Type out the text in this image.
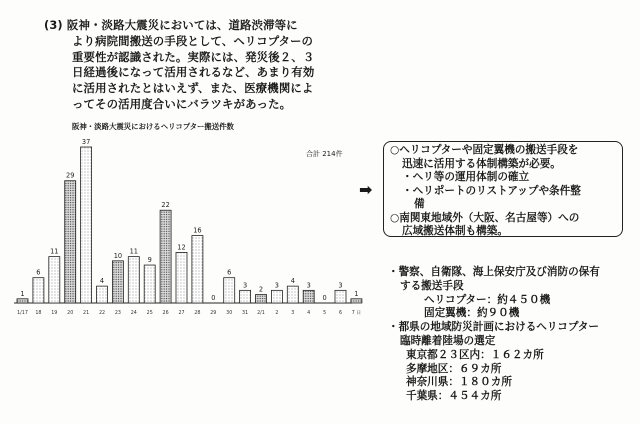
(3) 阪神・淡路大震災においては、道路渋滞等に
より病院間搬送の手段として、ヘリコプターの
重要性が認識された。実際には、発災後２、３
日経過後になって活用されるなど、あまり有効
に活用されたとはいえず、また、医療機関によ
ってその活用度合いにバラツキがあった。
阪神・淡路大震災におけるヘリコプター搬送件数
合計 214件
1
1/17
6
18
11
19
29
20
37
21
4
22
10
23
11
24
9
25
22
26
12
27
16
28
0
29
6
30
3
31
2
2/1
3
2
4
3
3
4
0
5
3
6
1
7 日
➡
○ヘリコプターや固定翼機の搬送手段を
迅速に活用する体制構築が必要。
・ヘリ等の運用体制の確立
・ヘリポートのリストアップや条件整
備
○南関東地域外（大阪、名古屋等）への
広域搬送体制も構築。
・警察、自衛隊、海上保安庁及び消防の保有
する搬送手段
ヘリコプター：約４５０機
固定翼機：約９０機
・都県の地域防災計画におけるヘリコプター
臨時離着陸場の選定
東京都２３区内：１６２カ所
多摩地区：６９カ所
神奈川県：１８０カ所
千葉県：４５４カ所
